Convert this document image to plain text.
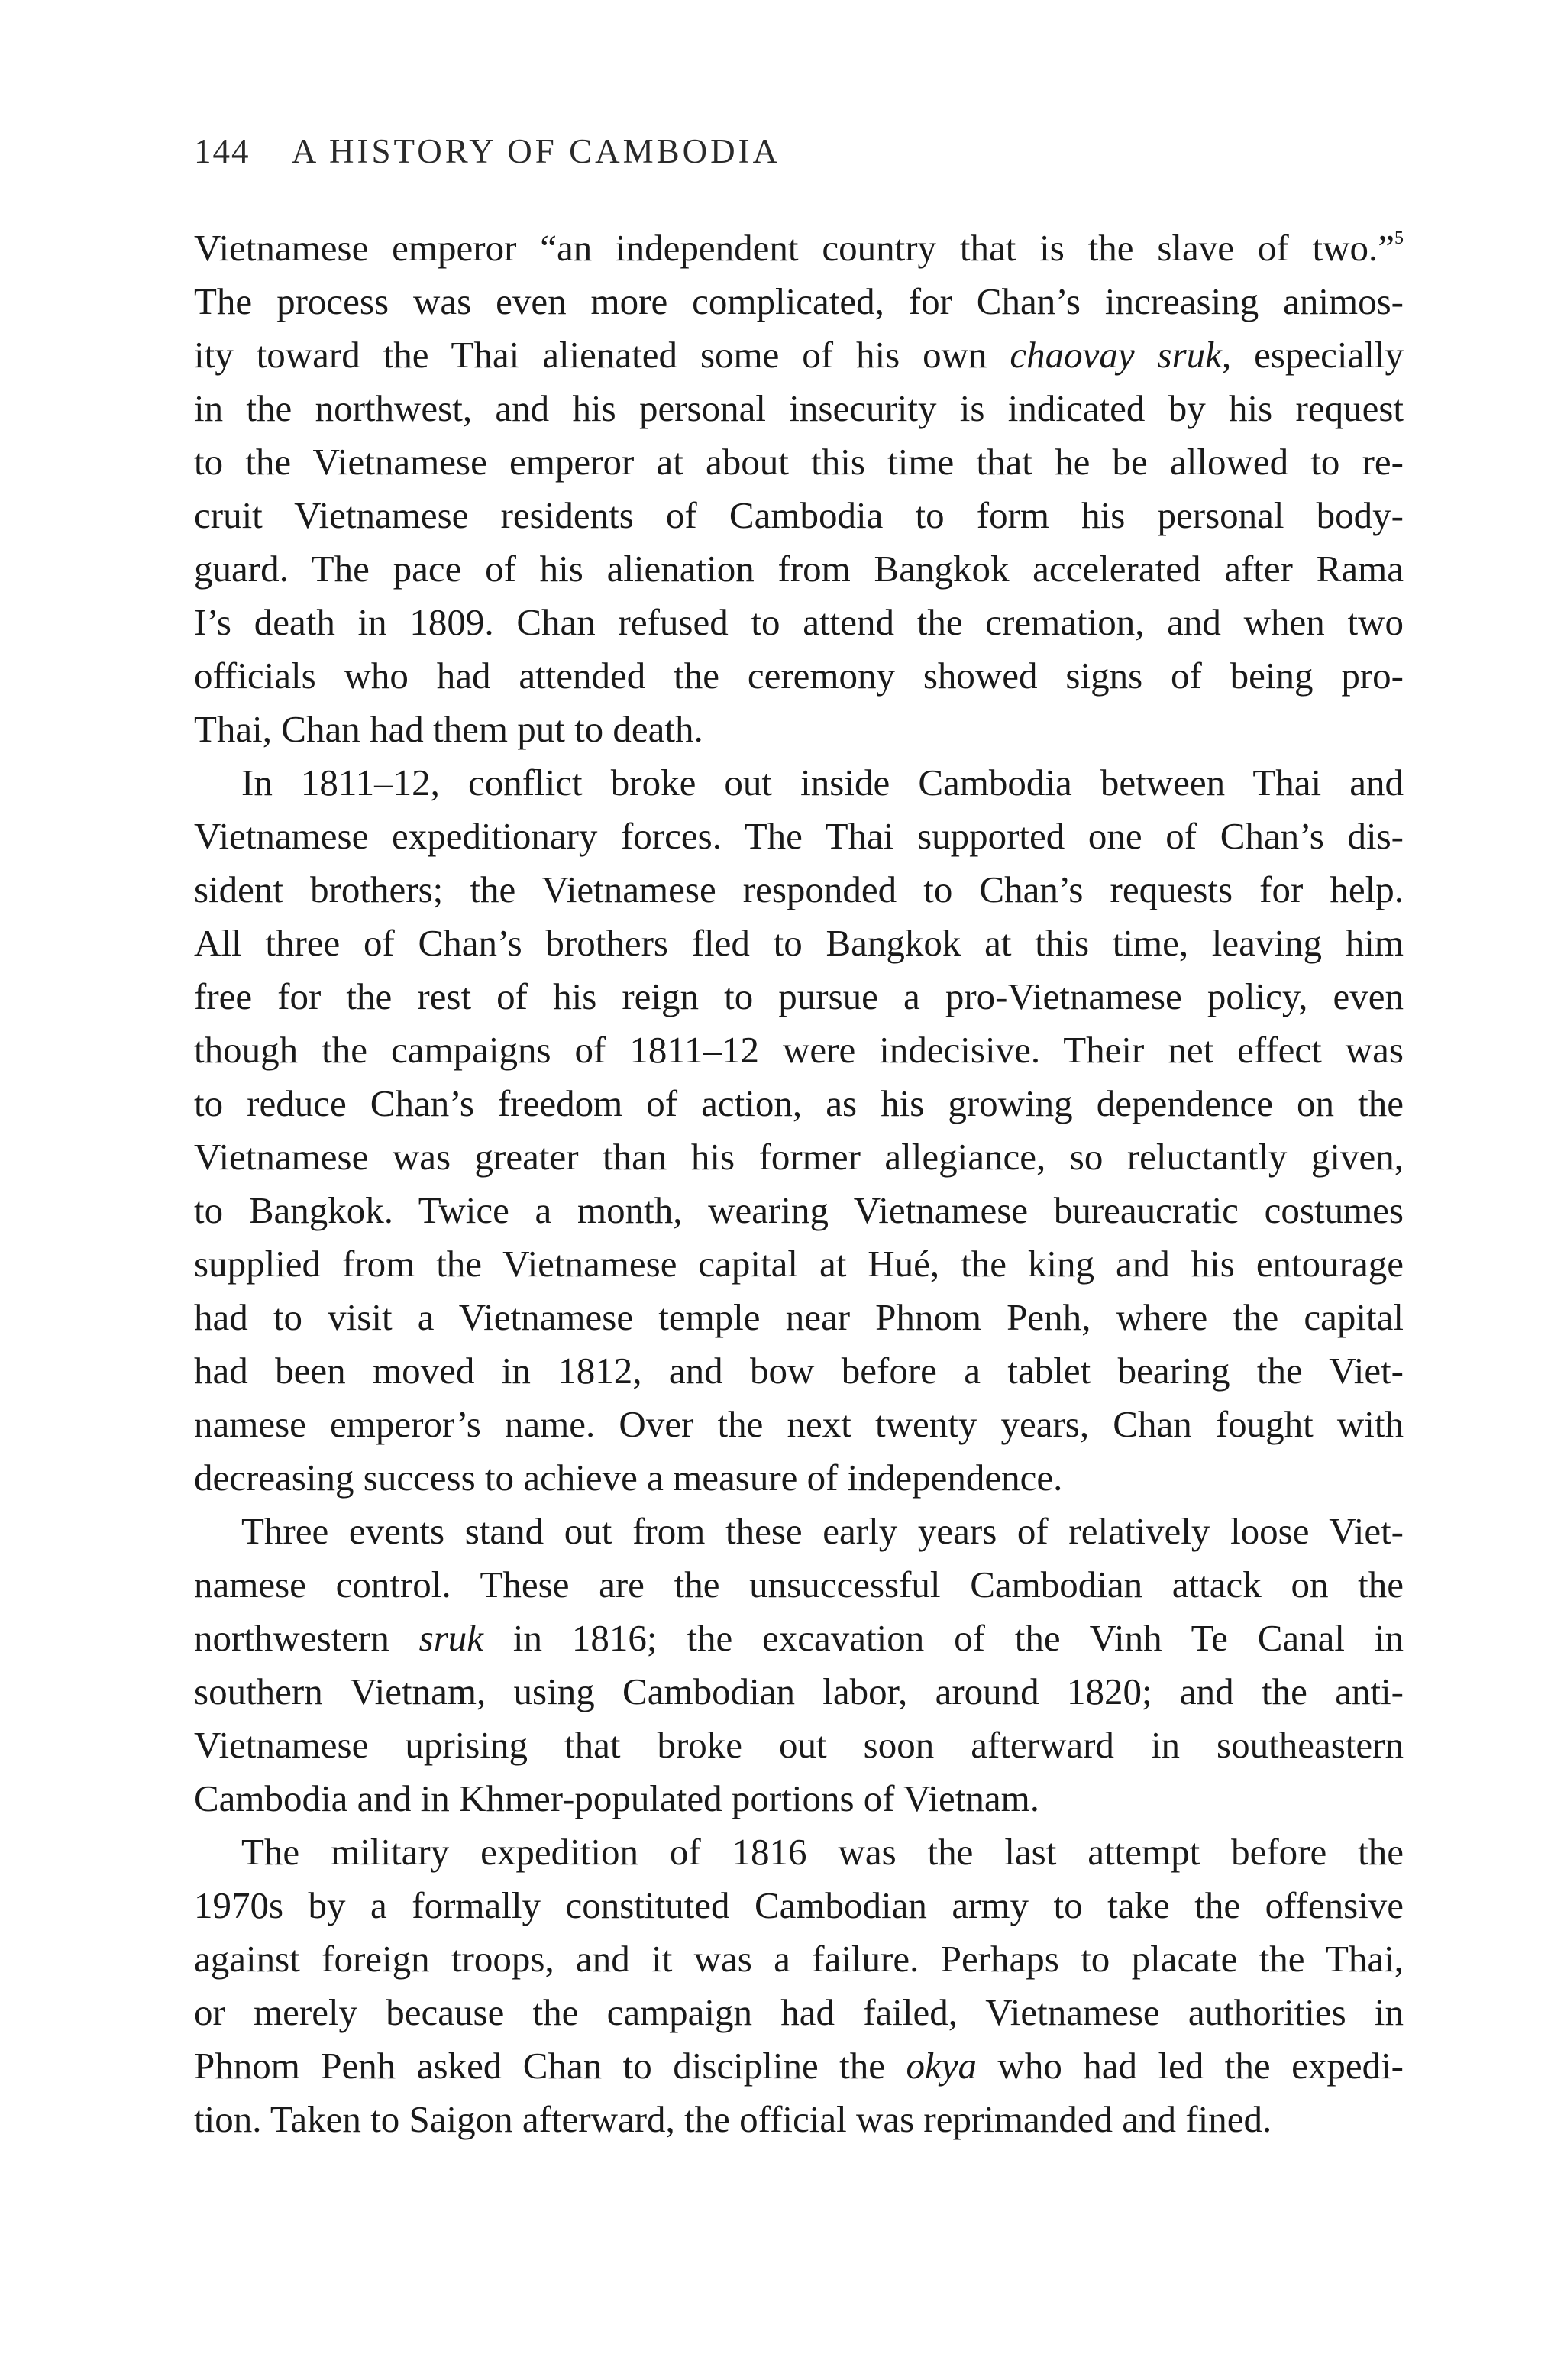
144 A HISTORY OF CAMBODIA
Vietnamese emperor “an independent country that is the slave of two.”$^5$
The process was even more complicated, for Chan’s increasing animos-
ity toward the Thai alienated some of his own chaovay sruk, especially
in the northwest, and his personal insecurity is indicated by his request
to the Vietnamese emperor at about this time that he be allowed to re-
cruit Vietnamese residents of Cambodia to form his personal body-
guard. The pace of his alienation from Bangkok accelerated after Rama
I’s death in 1809. Chan refused to attend the cremation, and when two
officials who had attended the ceremony showed signs of being pro-
Thai, Chan had them put to death.
In 1811–12, conflict broke out inside Cambodia between Thai and
Vietnamese expeditionary forces. The Thai supported one of Chan’s dis-
sident brothers; the Vietnamese responded to Chan’s requests for help.
All three of Chan’s brothers fled to Bangkok at this time, leaving him
free for the rest of his reign to pursue a pro-Vietnamese policy, even
though the campaigns of 1811–12 were indecisive. Their net effect was
to reduce Chan’s freedom of action, as his growing dependence on the
Vietnamese was greater than his former allegiance, so reluctantly given,
to Bangkok. Twice a month, wearing Vietnamese bureaucratic costumes
supplied from the Vietnamese capital at Hué, the king and his entourage
had to visit a Vietnamese temple near Phnom Penh, where the capital
had been moved in 1812, and bow before a tablet bearing the Viet-
namese emperor’s name. Over the next twenty years, Chan fought with
decreasing success to achieve a measure of independence.
Three events stand out from these early years of relatively loose Viet-
namese control. These are the unsuccessful Cambodian attack on the
northwestern sruk in 1816; the excavation of the Vinh Te Canal in
southern Vietnam, using Cambodian labor, around 1820; and the anti-
Vietnamese uprising that broke out soon afterward in southeastern
Cambodia and in Khmer-populated portions of Vietnam.
The military expedition of 1816 was the last attempt before the
1970s by a formally constituted Cambodian army to take the offensive
against foreign troops, and it was a failure. Perhaps to placate the Thai,
or merely because the campaign had failed, Vietnamese authorities in
Phnom Penh asked Chan to discipline the okya who had led the expedi-
tion. Taken to Saigon afterward, the official was reprimanded and fined.
